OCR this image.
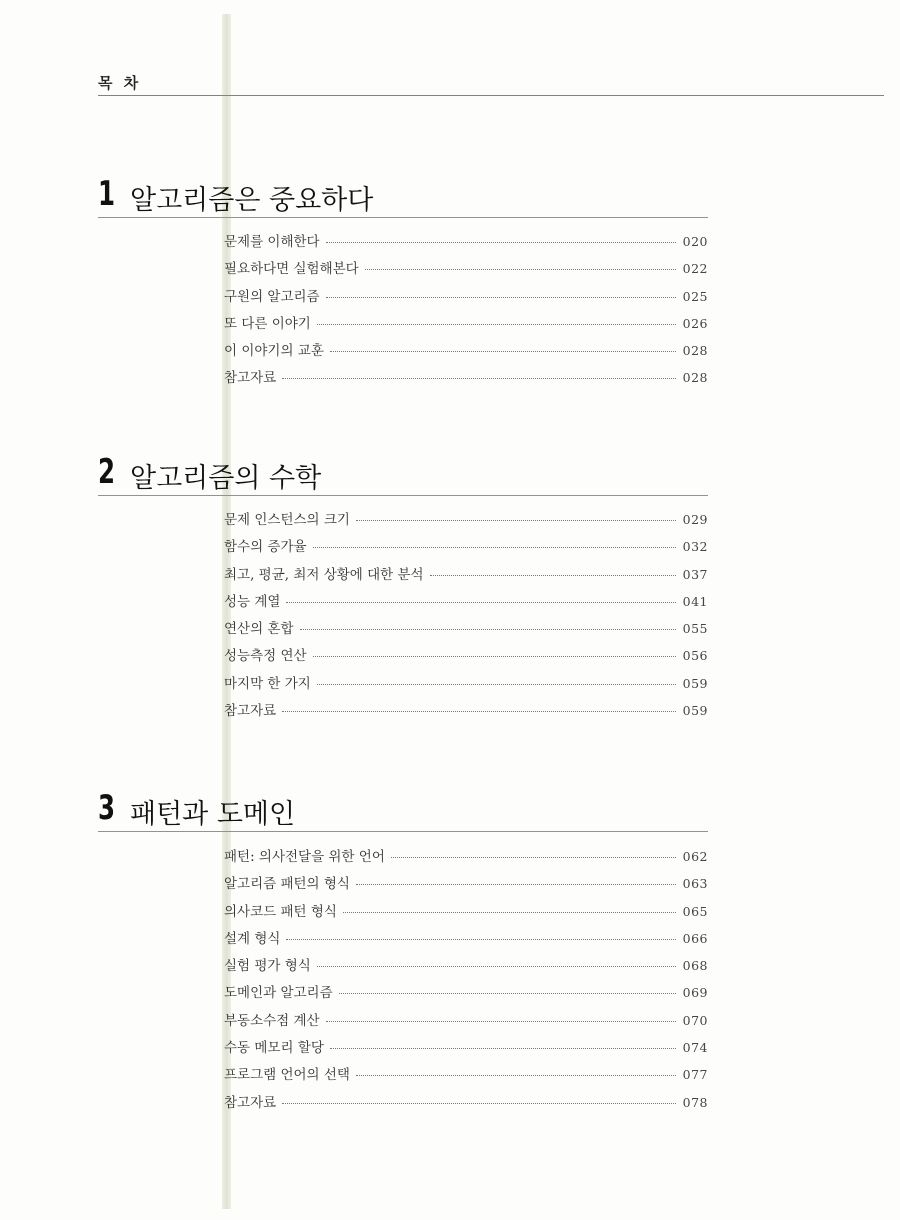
목 차
1 알고리즘은 중요하다
문제를 이해한다	020
필요하다면 실험해본다	022
구원의 알고리즘	025
또 다른 이야기	026
이 이야기의 교훈	028
참고자료	028
2 알고리즘의 수학
문제 인스턴스의 크기	029
함수의 증가율	032
최고, 평균, 최저 상황에 대한 분석	037
성능 계열	041
연산의 혼합	055
성능측정 연산	056
마지막 한 가지	059
참고자료	059
3 패턴과 도메인
패턴: 의사전달을 위한 언어	062
알고리즘 패턴의 형식	063
의사코드 패턴 형식	065
설계 형식	066
실험 평가 형식	068
도메인과 알고리즘	069
부동소수점 계산	070
수동 메모리 할당	074
프로그램 언어의 선택	077
참고자료	078
